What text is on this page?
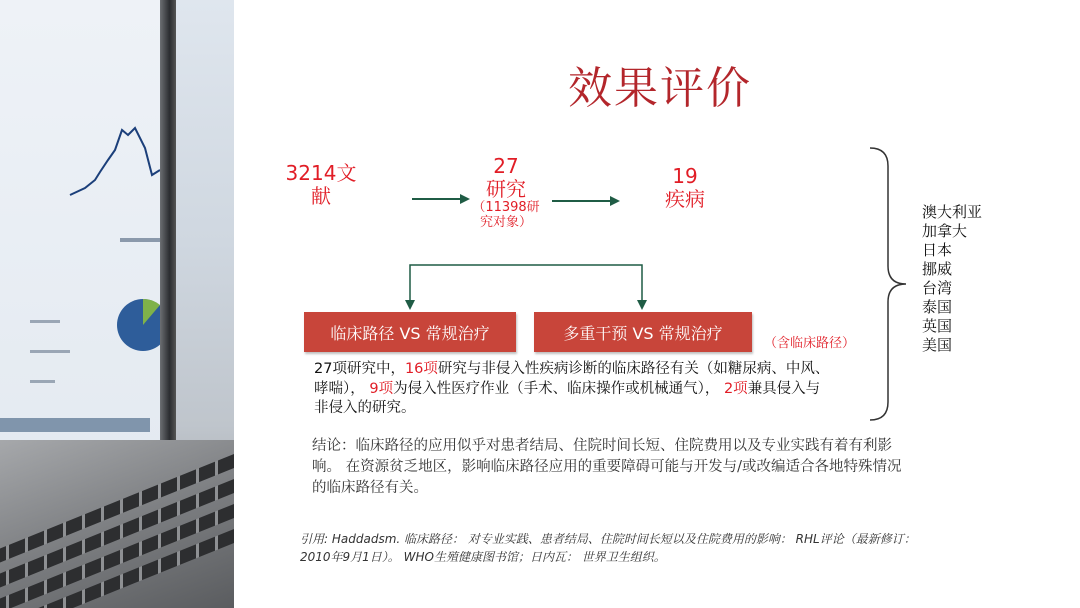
效果评价
3214文
献
27
研究
（11398研
究对象）
19
疾病
临床路径 VS 常规治疗	多重干预 VS 常规治疗
（含临床路径）
27项研究中，16项研究与非侵入性疾病诊断的临床路径有关（如糖尿病、中风、
哮喘）， 9项为侵入性医疗作业（手术、临床操作或机械通气）， 2项兼具侵入与
非侵入的研究。
澳大利亚
加拿大
日本
挪威
台湾
泰国
英国
美国
结论：临床路径的应用似乎对患者结局、住院时间长短、住院费用以及专业实践有着有利影
响。 在资源贫乏地区，影响临床路径应用的重要障碍可能与开发与/或改编适合各地特殊情况
的临床路径有关。
引用: Haddadsm. 临床路径： 对专业实践、患者结局、住院时间长短以及住院费用的影响： RHL评论（最新修订：
2010年9月1日）。 WHO生殖健康图书馆；日内瓦： 世界卫生组织。
